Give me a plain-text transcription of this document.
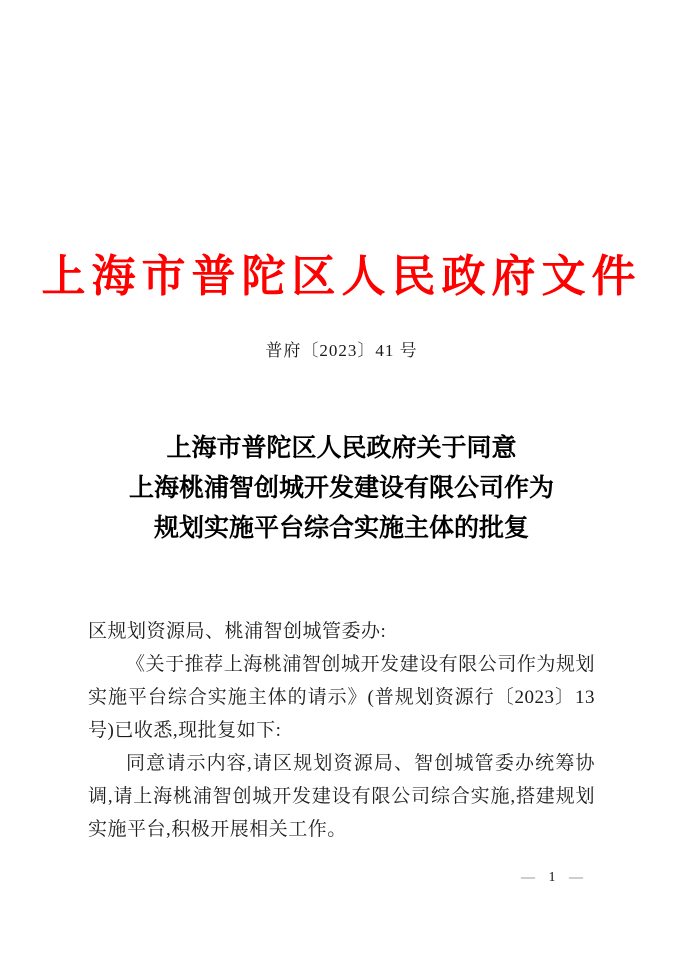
上海市普陀区人民政府文件
普府〔2023〕41 号
上海市普陀区人民政府关于同意
上海桃浦智创城开发建设有限公司作为
规划实施平台综合实施主体的批复

区规划资源局、桃浦智创城管委办:

《关于推荐上海桃浦智创城开发建设有限公司作为规划实施平台综合实施主体的请示》(普规划资源行〔2023〕13 号)已收悉,现批复如下:

同意请示内容,请区规划资源局、智创城管委办统筹协调,请上海桃浦智创城开发建设有限公司综合实施,搭建规划实施平台,积极开展相关工作。

— 1 —
